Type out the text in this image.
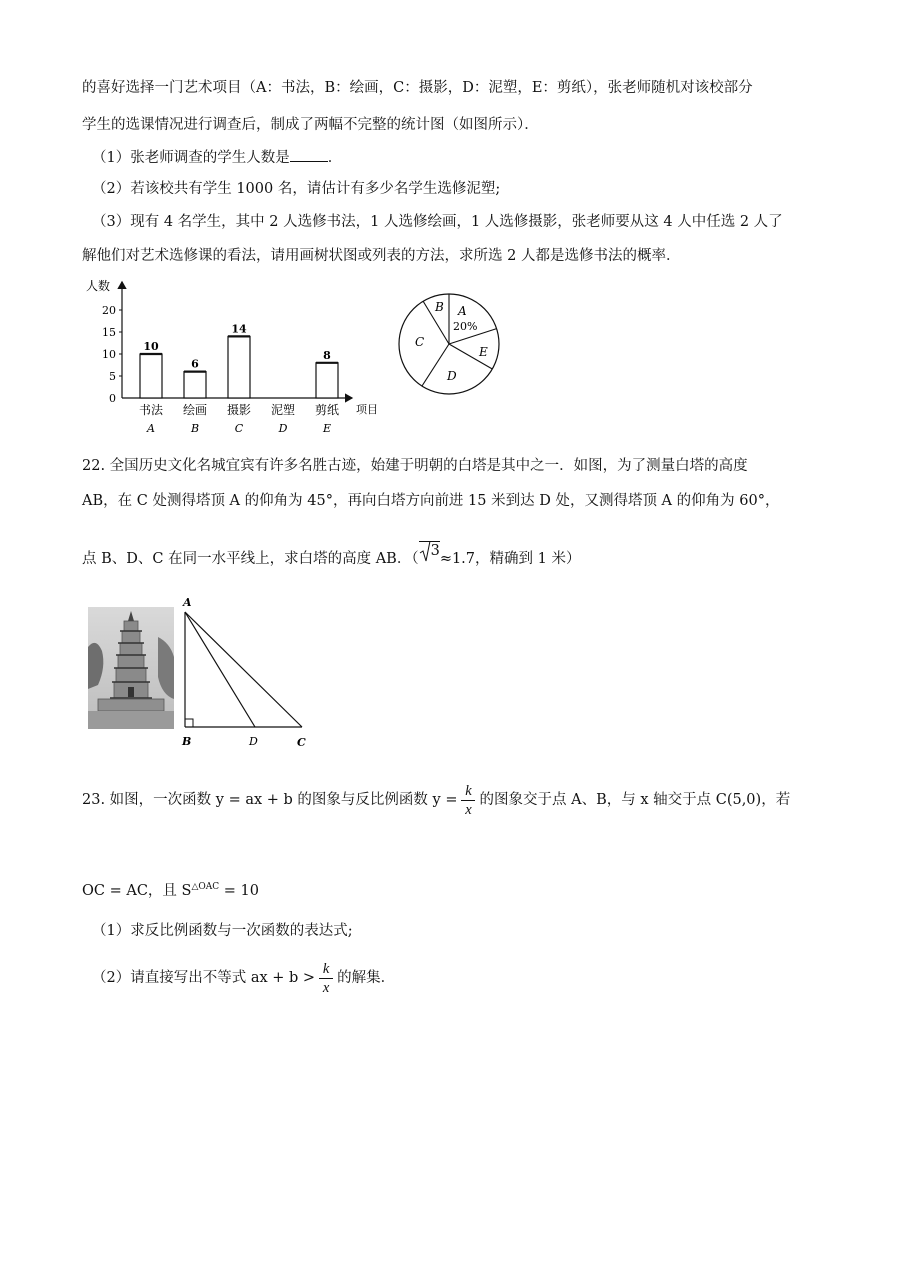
的喜好选择一门艺术项目（A：书法，B：绘画，C：摄影，D：泥塑，E：剪纸），张老师随机对该校部分
学生的选课情况进行调查后，制成了两幅不完整的统计图（如图所示）．
（1）张老师调查的学生人数是	．
（2）若该校共有学生 1000 名，请估计有多少名学生选修泥塑;
（3）现有 4 名学生，其中 2 人选修书法，1 人选修绘画，1 人选修摄影，张老师要从这 4 人中任选 2 人了
解他们对艺术选修课的看法，请用画树状图或列表的方法，求所选 2 人都是选修书法的概率．
人数
项目
0
5
10
15
20
10
书法
A
6
绘画
B
14
摄影
C
泥塑
D
8
剪纸
E
B A
20%
C
E
D
22. 全国历史文化名城宜宾有许多名胜古迹，始建于明朝的白塔是其中之一．如图，为了测量白塔的高度
AB，在 C 处测得塔顶 A 的仰角为 45°，再向白塔方向前进 15 米到达 D 处，又测得塔顶 A 的仰角为 60°，
点 B、D、C 在同一水平线上，求白塔的高度 AB．（ 3≈1.7，精确到 1 米）
A
B	D	C
23. 如图，一次函数 y = ax + b 的图象与反比例函数 $y = \frac{k}{x}$ 的图象交于点 A、B，与 x 轴交于点 C(5,0)，若
OC = AC，且 $S^{\triangle OAC} = 10$
（1）求反比例函数与一次函数的表达式;
（2）请直接写出不等式 ax + $b > \frac{k}{x}$ 的解集．
